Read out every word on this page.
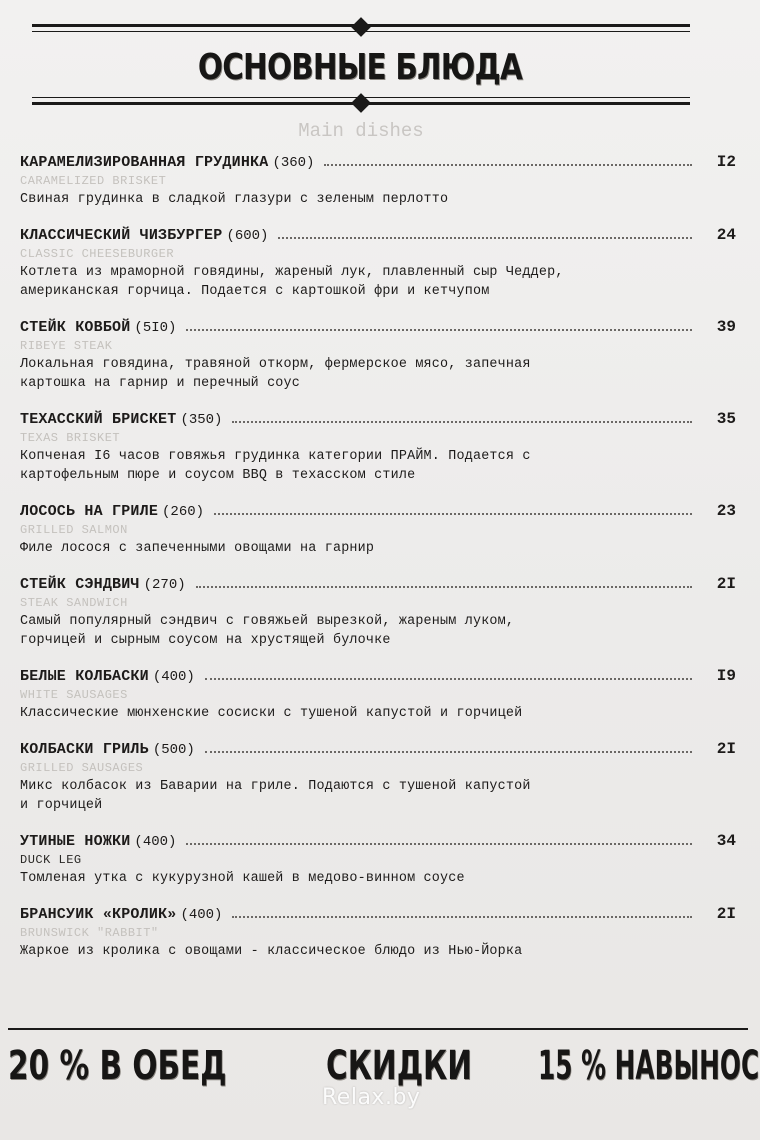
ОСНОВНЫЕ БЛЮДА
Main dishes
КАРАМЕЛИЗИРОВАННАЯ ГРУДИНКА (360)	I2
CARAMELIZED BRISKET
Свиная грудинка в сладкой глазури с зеленым перлотто
КЛАССИЧЕСКИЙ ЧИЗБУРГЕР (600)	24
CLASSIC CHEESEBURGER
Котлета из мраморной говядины, жареный лук, плавленный сыр Чеддер,
американская горчица. Подается с картошкой фри и кетчупом
СТЕЙК КОВБОЙ (5I0)	39
RIBEYE STEAK
Локальная говядина, травяной откорм, фермерское мясо, запечная
картошка на гарнир и перечный соус
ТЕХАССКИЙ БРИСКЕТ (350)	35
TEXAS BRISKET
Копченая I6 часов говяжья грудинка категории ПРАЙМ. Подается с
картофельным пюре и соусом BBQ в техасском стиле
ЛОСОСЬ НА ГРИЛЕ (260)	23
GRILLED SALMON
Филе лосося с запеченными овощами на гарнир
СТЕЙК СЭНДВИЧ (270)	2I
STEAK SANDWICH
Самый популярный сэндвич с говяжьей вырезкой, жареным луком,
горчицей и сырным соусом на хрустящей булочке
БЕЛЫЕ КОЛБАСКИ (400)	I9
WHITE SAUSAGES
Классические мюнхенские сосиски с тушеной капустой и горчицей
КОЛБАСКИ ГРИЛЬ (500)	2I
GRILLED SAUSAGES
Микс колбасок из Баварии на гриле. Подаются с тушеной капустой
и горчицей
УТИНЫЕ НОЖКИ (400)	34
DUCK LEG
Томленая утка с кукурузной кашей в медово-винном соусе
БРАНСУИК «КРОЛИК» (400)	2I
BRUNSWICK "RABBIT"
Жаркое из кролика с овощами - классическое блюдо из Нью-Йорка
20 % В ОБЕД СКИДКИ 15 % НАВЫНОС
Relax.by
